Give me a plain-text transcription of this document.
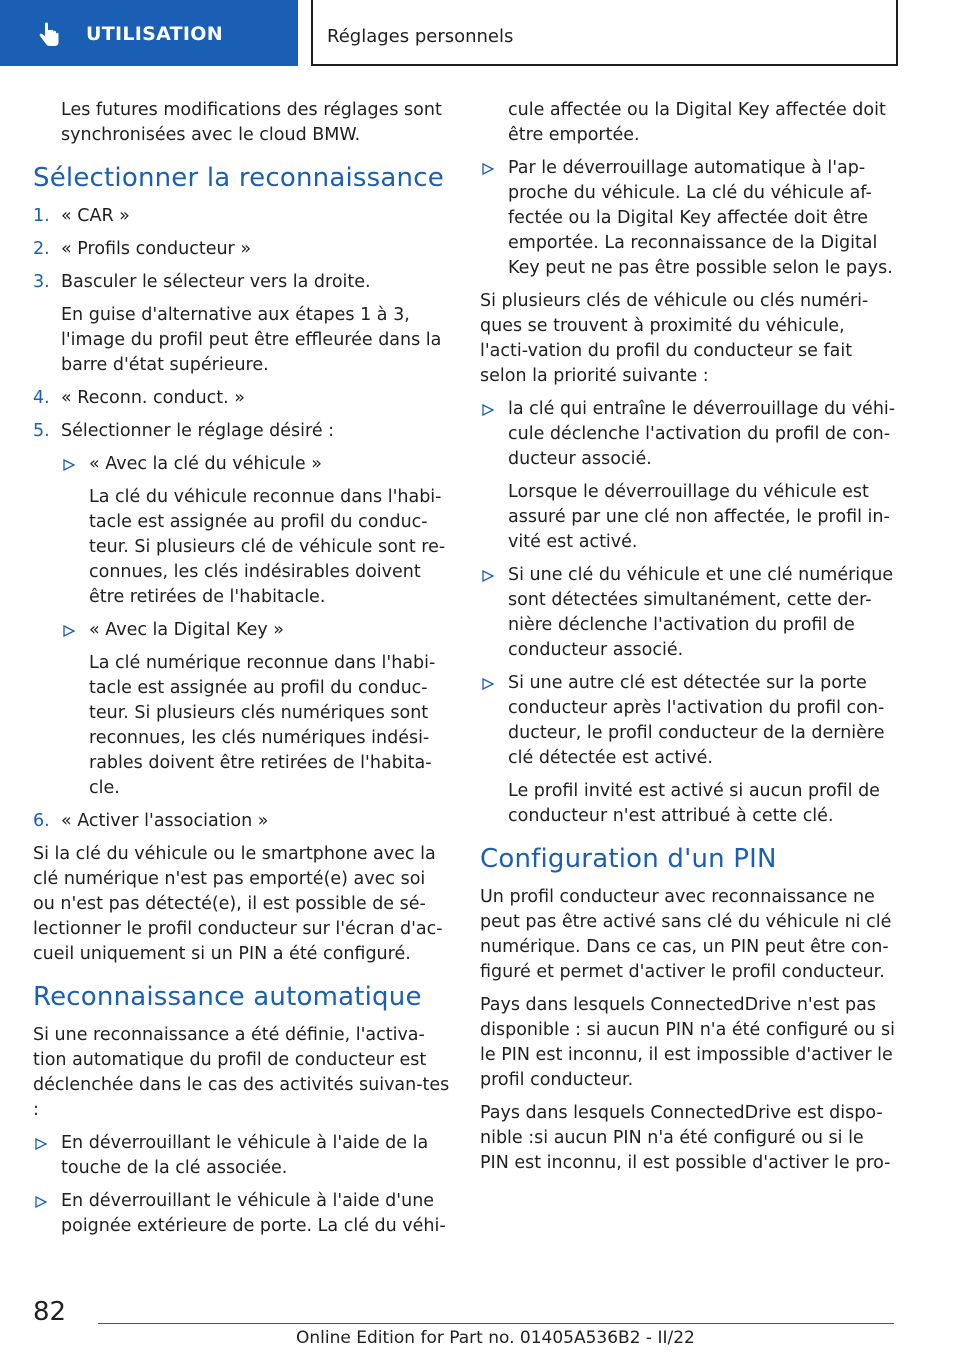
UTILISATION	Réglages personnels

Les futures modifications des réglages sont synchronisées avec le cloud BMW.

Sélectionner la reconnaissance
1. « CAR »
2. « Profils conducteur »
3. Basculer le sélecteur vers la droite.

En guise d'alternative aux étapes 1 à 3, l'image du profil peut être effleurée dans la barre d'état supérieure.

4. « Reconn. conduct. »
5. Sélectionner le réglage désiré :
« Avec la clé du véhicule »

La clé du véhicule reconnue dans l'habi-tacle est assignée au profil du conduc-teur. Si plusieurs clé de véhicule sont re-connues, les clés indésirables doivent être retirées de l'habitacle.

« Avec la Digital Key »

La clé numérique reconnue dans l'habi-tacle est assignée au profil du conduc-teur. Si plusieurs clés numériques sont reconnues, les clés numériques indési-rables doivent être retirées de l'habita-cle.

6. « Activer l'association »

Si la clé du véhicule ou le smartphone avec la clé numérique n'est pas emporté(e) avec soi ou n'est pas détecté(e), il est possible de sé-lectionner le profil conducteur sur l'écran d'ac-cueil uniquement si un PIN a été configuré.

Reconnaissance automatique

Si une reconnaissance a été définie, l'activa-tion automatique du profil de conducteur est déclenchée dans le cas des activités suivan-tes :

En déverrouillant le véhicule à l'aide de la touche de la clé associée.
En déverrouillant le véhicule à l'aide d'une poignée extérieure de porte. La clé du véhi-

cule affectée ou la Digital Key affectée doit être emportée.

Par le déverrouillage automatique à l'ap-proche du véhicule. La clé du véhicule af-fectée ou la Digital Key affectée doit être emportée. La reconnaissance de la Digital Key peut ne pas être possible selon le pays.

Si plusieurs clés de véhicule ou clés numéri-ques se trouvent à proximité du véhicule, l'acti-vation du profil du conducteur se fait selon la priorité suivante :

la clé qui entraîne le déverrouillage du véhi-cule déclenche l'activation du profil de con-ducteur associé.

Lorsque le déverrouillage du véhicule est assuré par une clé non affectée, le profil in-vité est activé.

Si une clé du véhicule et une clé numérique sont détectées simultanément, cette der-nière déclenche l'activation du profil de conducteur associé.
Si une autre clé est détectée sur la porte conducteur après l'activation du profil con-ducteur, le profil conducteur de la dernière clé détectée est activé.

Le profil invité est activé si aucun profil de conducteur n'est attribué à cette clé.

Configuration d'un PIN

Un profil conducteur avec reconnaissance ne peut pas être activé sans clé du véhicule ni clé numérique. Dans ce cas, un PIN peut être con-figuré et permet d'activer le profil conducteur.

Pays dans lesquels ConnectedDrive n'est pas disponible : si aucun PIN n'a été configuré ou si le PIN est inconnu, il est impossible d'activer le profil conducteur.

Pays dans lesquels ConnectedDrive est dispo-nible :si aucun PIN n'a été configuré ou si le PIN est inconnu, il est possible d'activer le pro-

82
Online Edition for Part no. 01405A536B2 - II/22
